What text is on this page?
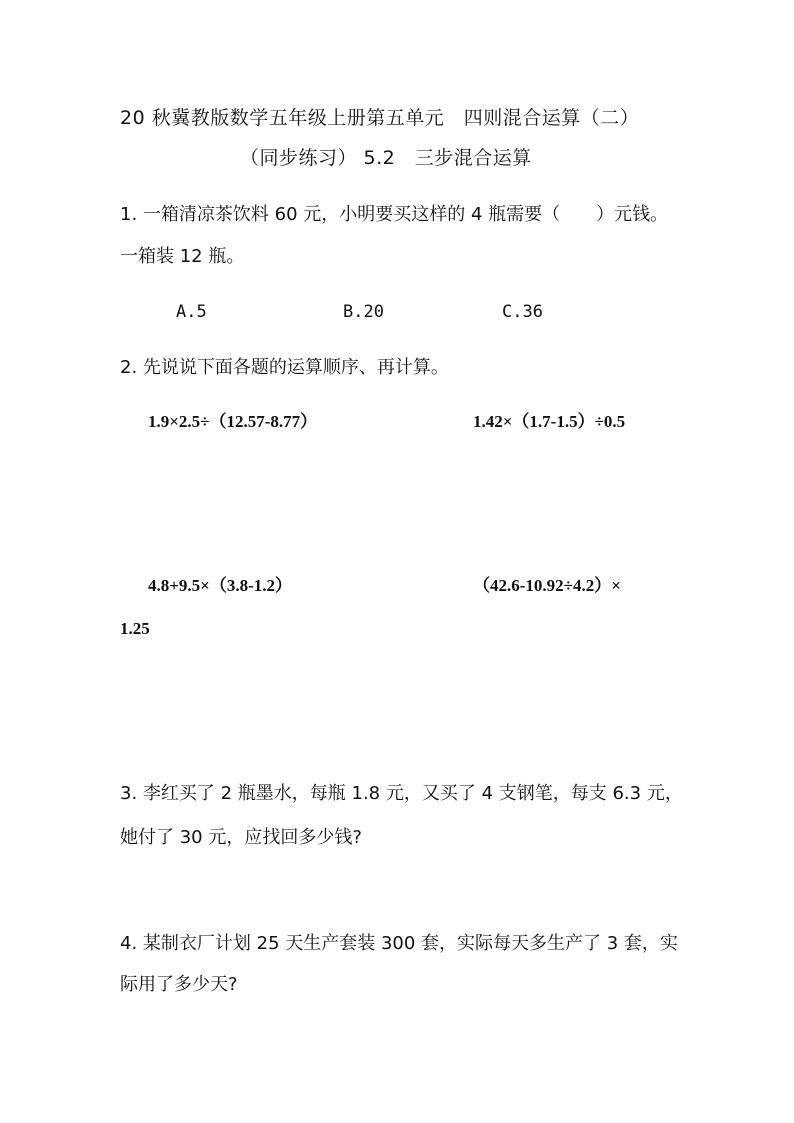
20 秋冀教版数学五年级上册第五单元　四则混合运算（二）
（同步练习） 5.2　三步混合运算
1. 一箱清凉茶饮料 60 元，小明要买这样的 4 瓶需要（　　）元钱。
一箱装 12 瓶。
A.5	B.20	C.36
2. 先说说下面各题的运算顺序、再计算。
1.9×2.5÷（12.57-8.77）	1.42×（1.7-1.5）÷0.5
4.8+9.5×（3.8-1.2）	（42.6-10.92÷4.2）×
1.25
3. 李红买了 2 瓶墨水，每瓶 1.8 元，又买了 4 支钢笔，每支 6.3 元，
她付了 30 元，应找回多少钱?
4. 某制衣厂计划 25 天生产套装 300 套，实际每天多生产了 3 套，实
际用了多少天?
